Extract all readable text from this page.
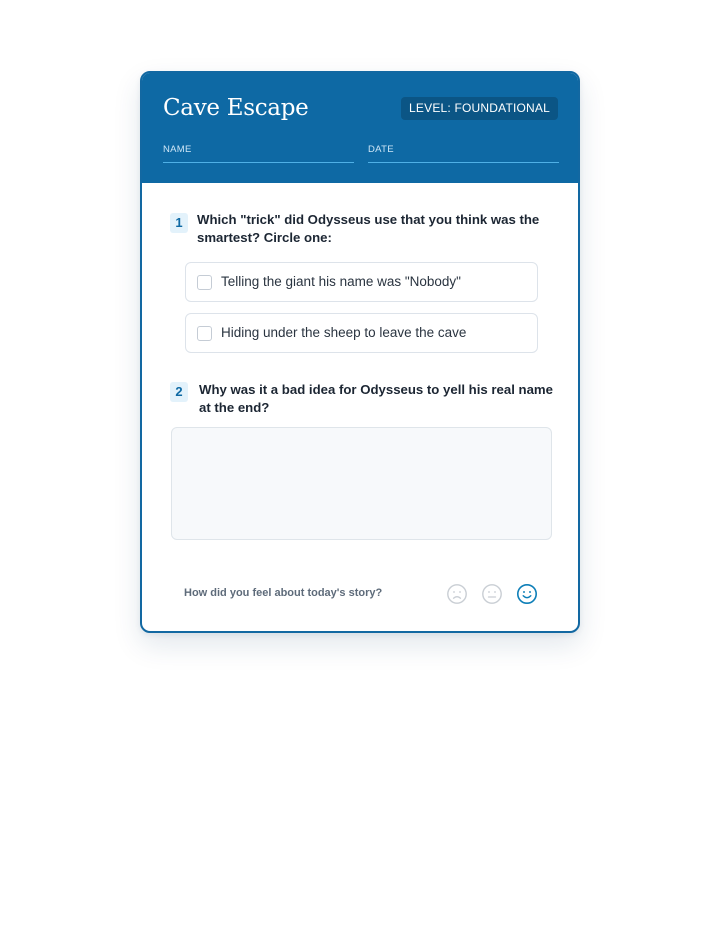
Cave Escape	LEVEL: FOUNDATIONAL
NAME	DATE
1	Which "trick" did Odysseus use that you think was the smartest? Circle one:
Telling the giant his name was "Nobody"
Hiding under the sheep to leave the cave
2	Why was it a bad idea for Odysseus to yell his real name at the end?
How did you feel about today's story?
